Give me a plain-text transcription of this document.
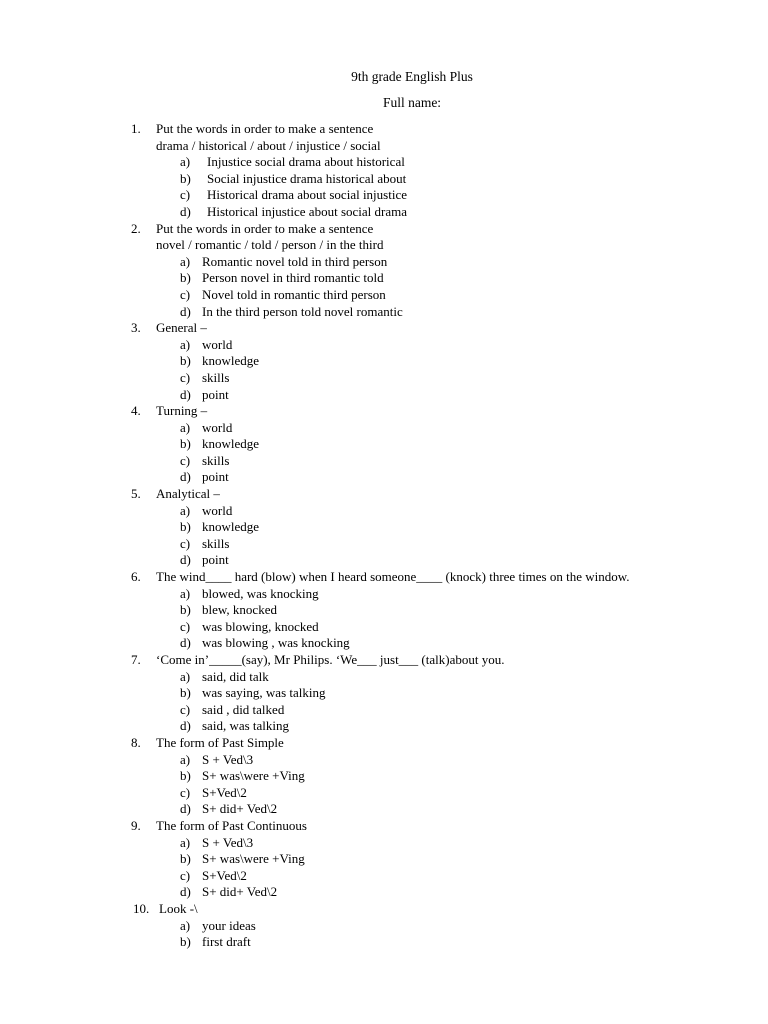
9th grade English Plus
Full name:
1. Put the words in order to make a sentence
drama / historical / about / injustice / social
a) Injustice social drama about historical
b) Social injustice drama historical about
c) Historical drama about social injustice
d) Historical injustice about social drama
2. Put the words in order to make a sentence
novel / romantic / told / person / in the third
a) Romantic novel told in third person
b) Person novel in third romantic told
c) Novel told in romantic third person
d) In the third person told novel romantic
3. General –
a) world
b) knowledge
c) skills
d) point
4. Turning –
a) world
b) knowledge
c) skills
d) point
5. Analytical –
a) world
b) knowledge
c) skills
d) point
6. The wind____ hard (blow) when I heard someone____ (knock) three times on the window.
a) blowed, was knocking
b) blew, knocked
c) was blowing, knocked
d) was blowing , was knocking
7. ‘Come in’_____(say), Mr Philips. ‘We___ just___ (talk)about you.
a) said, did talk
b) was saying, was talking
c) said , did talked
d) said, was talking
8. The form of Past Simple
a) S + Ved\3
b) S+ was\were +Ving
c) S+Ved\2
d) S+ did+ Ved\2
9. The form of Past Continuous
a) S + Ved\3
b) S+ was\were +Ving
c) S+Ved\2
d) S+ did+ Ved\2
10. Look -\
a) your ideas
b) first draft
